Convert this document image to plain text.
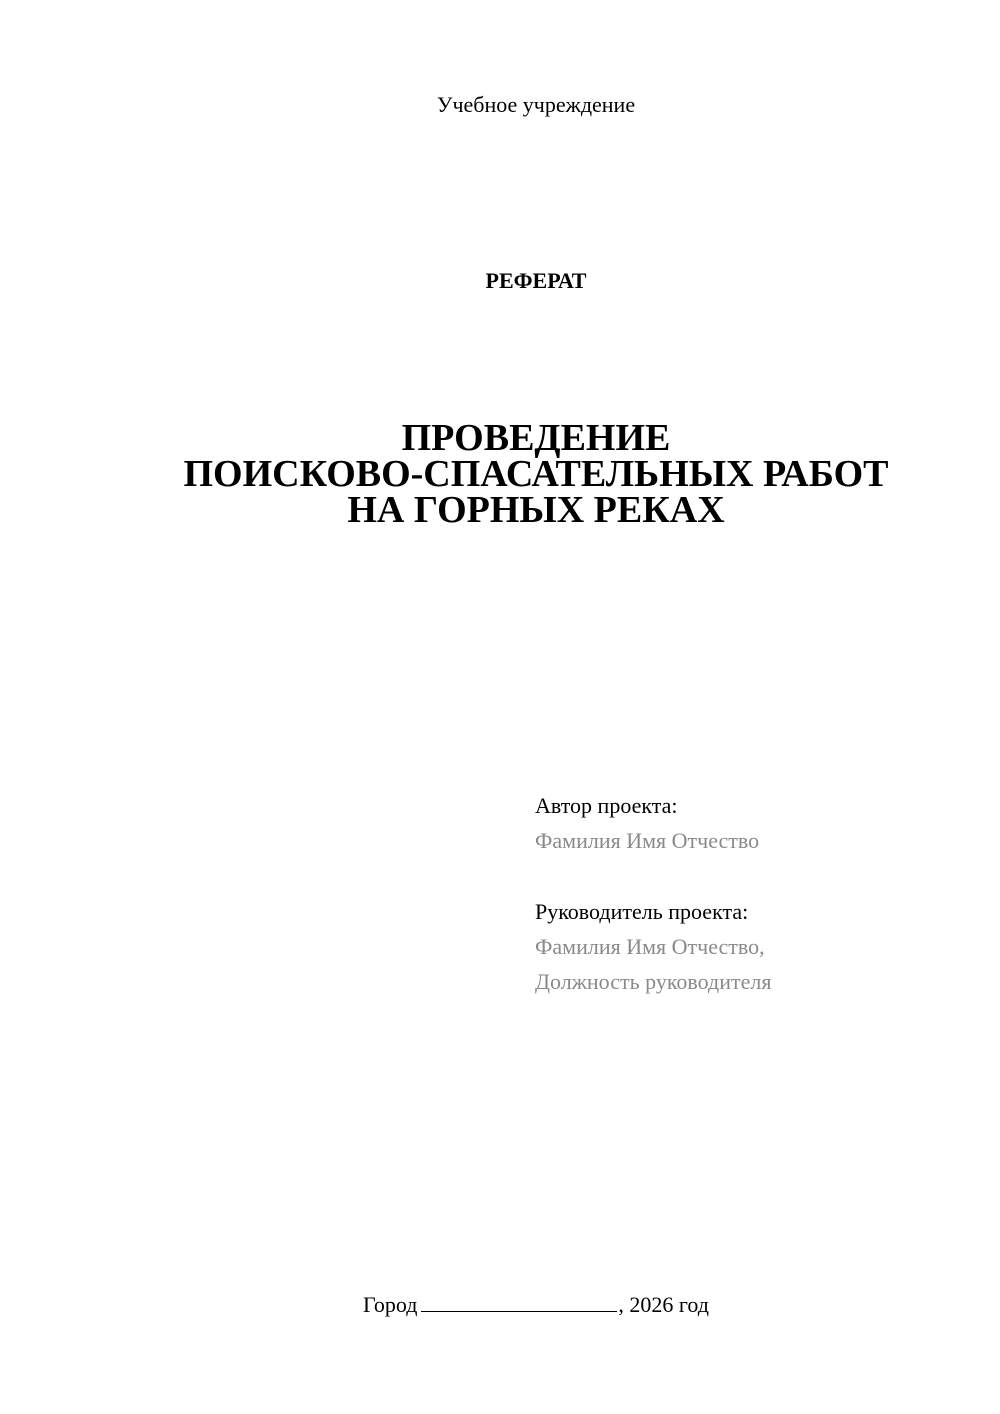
Учебное учреждение
РЕФЕРАТ
ПРОВЕДЕНИЕ
ПОИСКОВО-СПАСАТЕЛЬНЫХ РАБОТ
НА ГОРНЫХ РЕКАХ
Автор проекта:
Фамилия Имя Отчество
Руководитель проекта:
Фамилия Имя Отчество,
Должность руководителя
Город	, 2026 год
